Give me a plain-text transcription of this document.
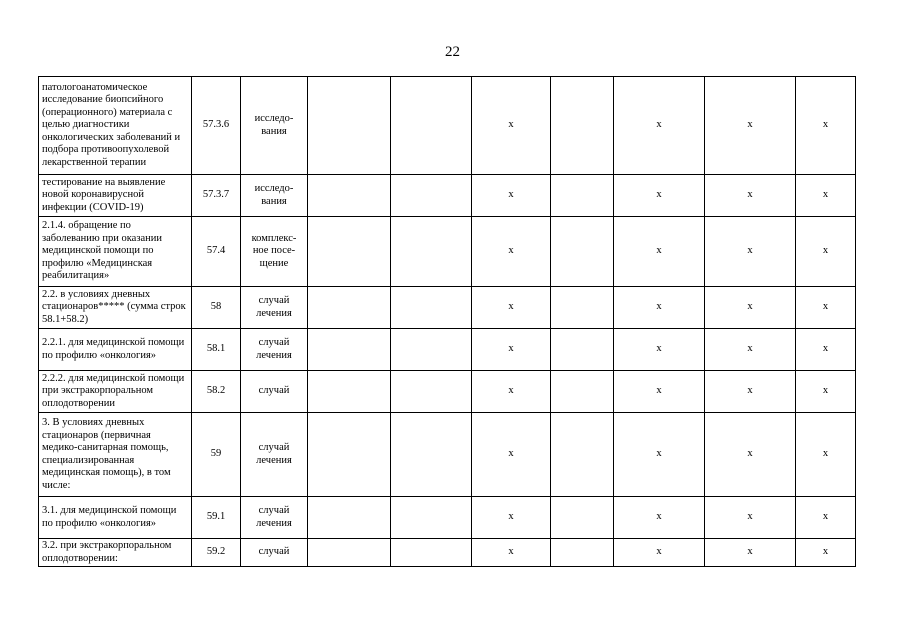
22
патологоанатомическое исследование биопсийного (операционного) материала с целью диагностики онкологических заболеваний и подбора противоопухолевой лекарственной терапии	57.3.6	исследо-вания			x		x	x	x
тестирование на выявление новой коронавирусной инфекции (COVID-19)	57.3.7	исследо-вания			x		x	x	x
2.1.4. обращение по заболеванию при оказании медицинской помощи по профилю «Медицинская реабилитация»	57.4	комплекс-ное посе-щение			x		x	x	x
2.2. в условиях дневных стационаров***** (сумма строк 58.1+58.2)	58	случай лечения			x		x	x	x
2.2.1. для медицинской помощи по профилю «онкология»	58.1	случай лечения			x		x	x	x
2.2.2. для медицинской помощи при экстракорпоральном оплодотворении	58.2	случай			x		x	x	x
3. В условиях дневных стационаров (первичная медико-санитарная помощь, специализированная медицинская помощь), в том числе:	59	случай лечения			x		x	x	x
3.1. для медицинской помощи по профилю «онкология»	59.1	случай лечения			x		x	x	x
3.2. при экстракорпоральном оплодотворении:	59.2	случай			x		x	x	x
